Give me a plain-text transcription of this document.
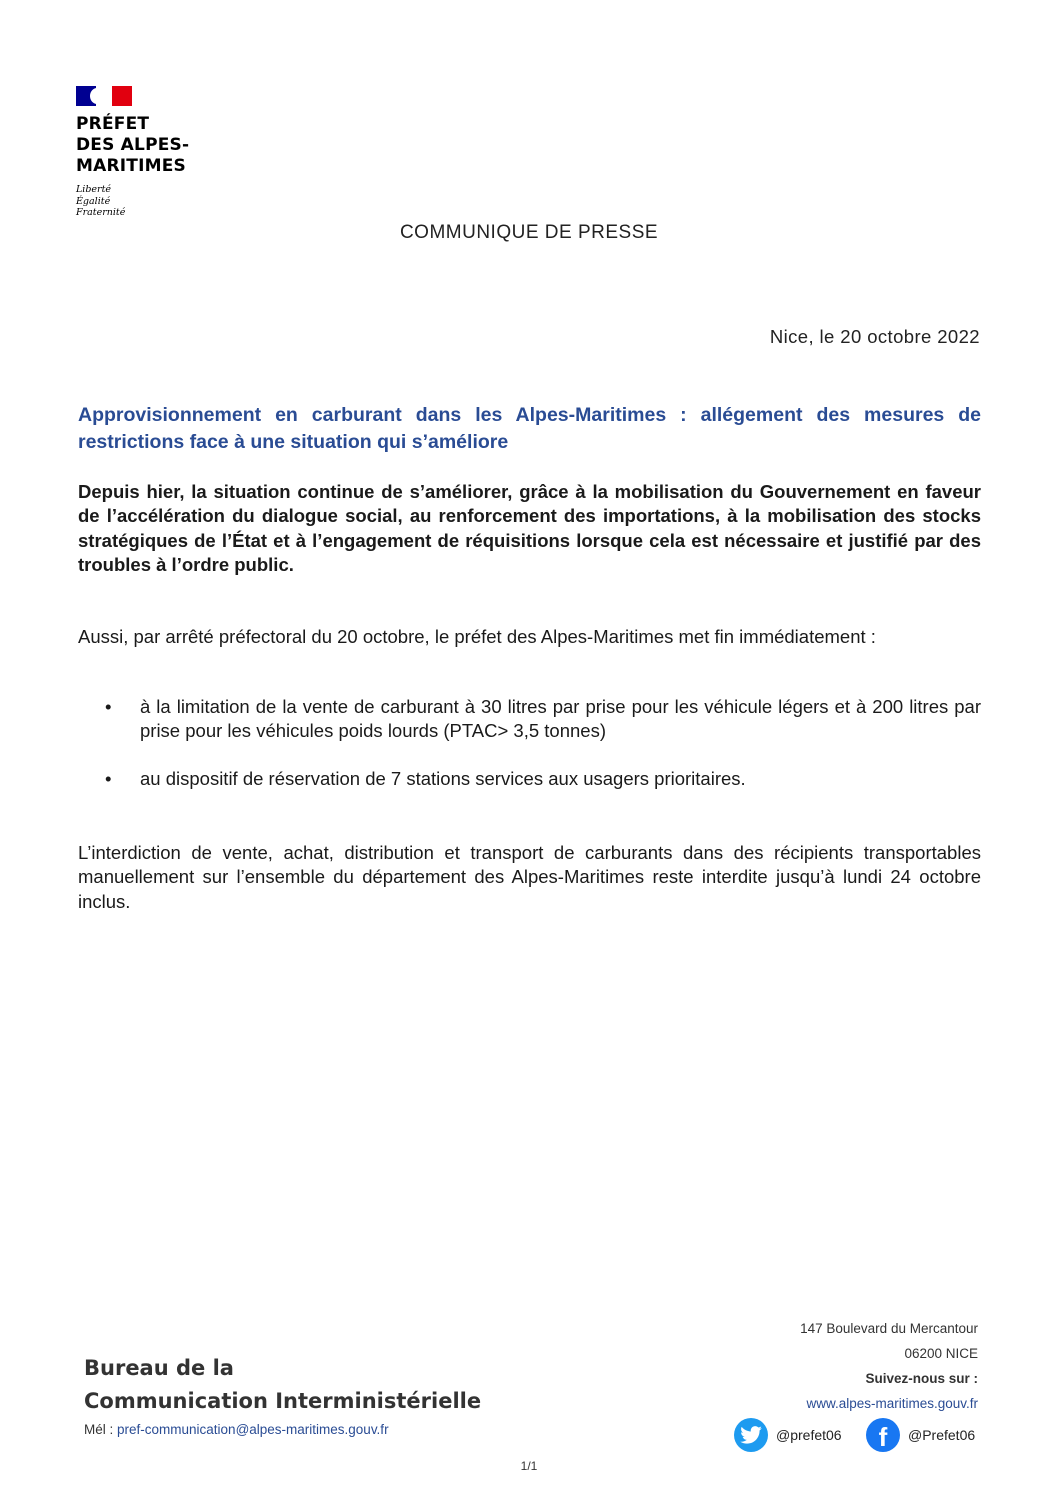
PRÉFET
DES ALPES-
MARITIMES
Liberté
Égalité
Fraternité
COMMUNIQUE DE PRESSE
Nice, le 20 octobre 2022
Approvisionnement en carburant dans les Alpes-Maritimes : allégement des mesures de restrictions face à une situation qui s’améliore
Depuis hier, la situation continue de s’améliorer, grâce à la mobilisation du Gouvernement en faveur de l’accélération du dialogue social, au renforcement des importations, à la mobilisation des stocks stratégiques de l’État et à l’engagement de réquisitions lorsque cela est nécessaire et justifié par des troubles à l’ordre public.
Aussi, par arrêté préfectoral du 20 octobre, le préfet des Alpes-Maritimes met fin immédiatement :
• à la limitation de la vente de carburant à 30 litres par prise pour les véhicule légers et à 200 litres par prise pour les véhicules poids lourds (PTAC> 3,5 tonnes)
• au dispositif de réservation de 7 stations services aux usagers prioritaires.
L’interdiction de vente, achat, distribution et transport de carburants dans des récipients transportables manuellement sur l’ensemble du département des Alpes-Maritimes reste interdite jusqu’à lundi 24 octobre inclus.
Bureau de la
Communication Interministérielle
Mél : pref-communication@alpes-maritimes.gouv.fr
147 Boulevard du Mercantour
06200 NICE
Suivez-nous sur :
www.alpes-maritimes.gouv.fr
@prefet06 f @Prefet06
1/1
